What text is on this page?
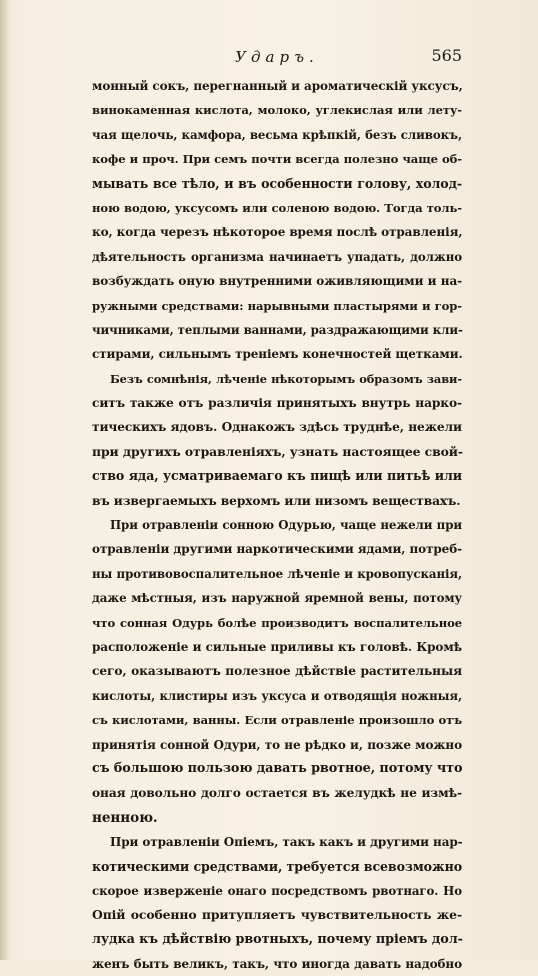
Ударъ.	565
монный сокъ, перегнанный и ароматическій уксусъ,
винокаменная кислота, молоко, углекислая или лету-
чая щелочь, камфора, весьма крѣпкій, безъ сливокъ,
кофе и проч. При семъ почти всегда полезно чаще об-
мывать все тѣло, и въ особенности голову, холод-
ною водою, уксусомъ или соленою водою. Тогда толь-
ко, когда черезъ нѣкоторое время послѣ отравленія,
дѣятельность организма начинаетъ упадать, должно
возбуждать оную внутренними оживляющими и на-
ружными средствами: нарывными пластырями и гор-
чичниками, теплыми ваннами, раздражающими кли-
стирами, сильнымъ треніемъ конечностей щетками.
Безъ сомнѣнія, лѣченіе нѣкоторымъ образомъ зави-
ситъ также отъ различія принятыхъ внутрь нарко-
тическихъ ядовъ. Однакожъ здѣсь труднѣе, нежели
при другихъ отравленіяхъ, узнать настоящее свой-
ство яда, усматриваемаго къ пищѣ или питьѣ или
въ извергаемыхъ верхомъ или низомъ веществахъ.
При отравленіи сонною Одурью, чаще нежели при
отравленіи другими наркотическими ядами, потреб-
ны противовоспалительное лѣченіе и кровопусканія,
даже мѣстныя, изъ наружной яремной вены, потому
что сонная Одурь болѣе производитъ воспалительное
расположеніе и сильные приливы къ головѣ. Кромѣ
сего, оказываютъ полезное дѣйствіе растительныя
кислоты, клистиры изъ уксуса и отводящія ножныя,
съ кислотами, ванны. Если отравленіе произошло отъ
принятія сонной Одури, то не рѣдко и, позже можно
съ большою пользою давать рвотное, потому что
оная довольно долго остается въ желудкѣ не измѣ-
ненною.
При отравленіи Опіемъ, такъ какъ и другими нар-
котическими средствами, требуется всевозможно
скорое изверженіе онаго посредствомъ рвотнаго. Но
Опій особенно притупляетъ чувствительность же-
лудка къ дѣйствію рвотныхъ, почему пріемъ дол-
женъ быть великъ, такъ, что иногда давать надобно
